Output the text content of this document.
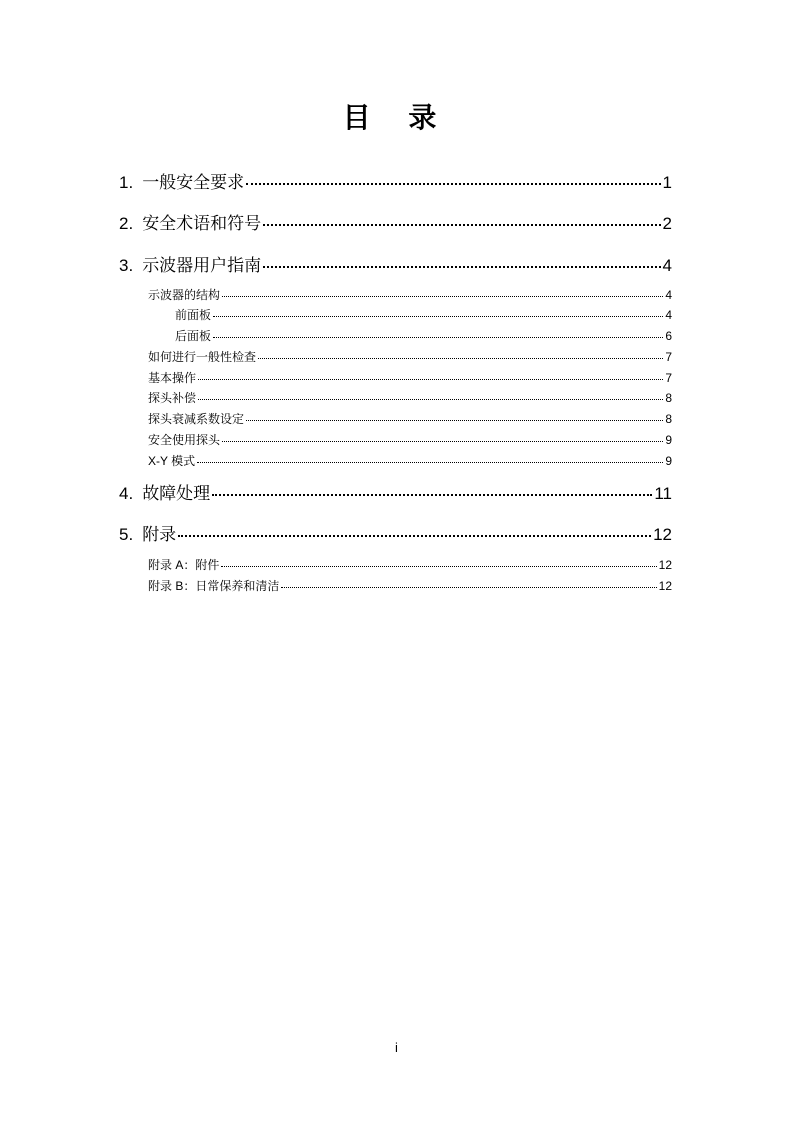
目 录
1. 一般安全要求	1
2. 安全术语和符号	2
3. 示波器用户指南	4
示波器的结构	4
前面板	4
后面板	6
如何进行一般性检查	7
基本操作	7
探头补偿	8
探头衰减系数设定	8
安全使用探头	9
X-Y 模式	9
4. 故障处理	11
5. 附录	12
附录 A：附件	12
附录 B：日常保养和清洁	12
i
